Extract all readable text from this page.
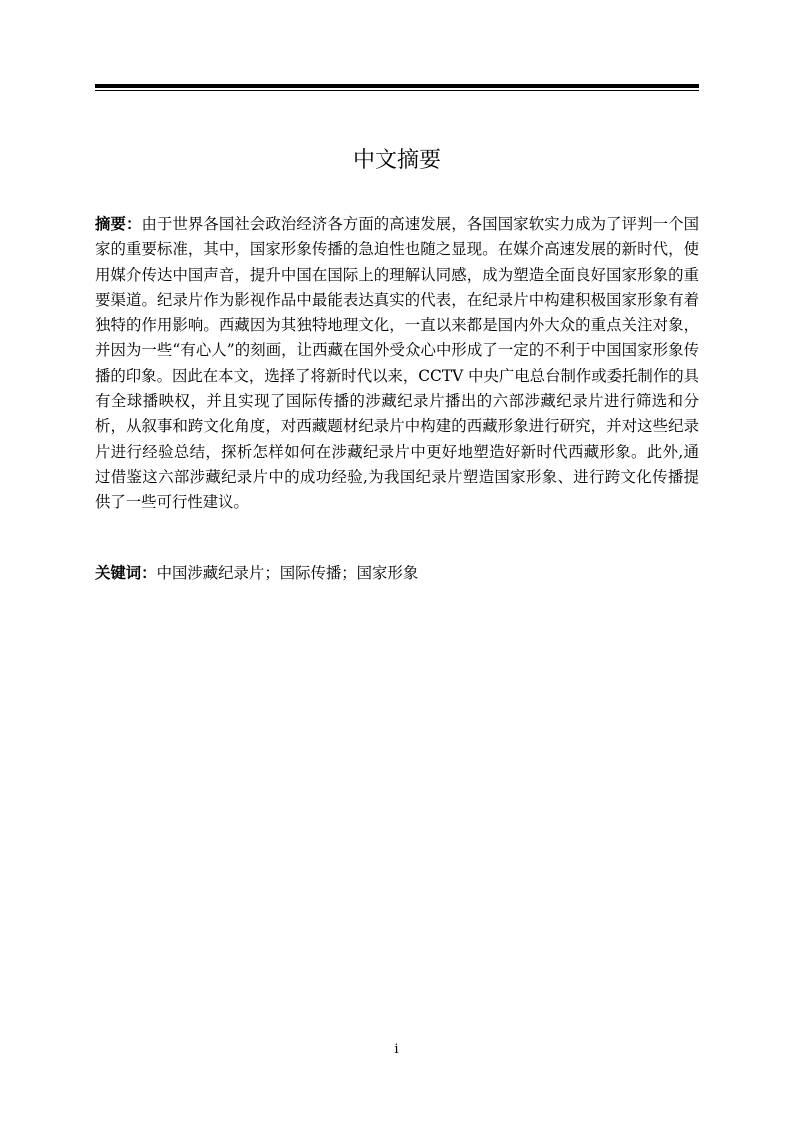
中文摘要

摘要：由于世界各国社会政治经济各方面的高速发展，各国国家软实力成为了评判一个国家的重要标准，其中，国家形象传播的急迫性也随之显现。在媒介高速发展的新时代，使用媒介传达中国声音，提升中国在国际上的理解认同感，成为塑造全面良好国家形象的重要渠道。纪录片作为影视作品中最能表达真实的代表，在纪录片中构建积极国家形象有着独特的作用影响。西藏因为其独特地理文化，一直以来都是国内外大众的重点关注对象，并因为一些“有心人”的刻画，让西藏在国外受众心中形成了一定的不利于中国国家形象传播的印象。因此在本文，选择了将新时代以来，CCTV 中央广电总台制作或委托制作的具有全球播映权，并且实现了国际传播的涉藏纪录片播出的六部涉藏纪录片进行筛选和分析，从叙事和跨文化角度，对西藏题材纪录片中构建的西藏形象进行研究，并对这些纪录片进行经验总结，探析怎样如何在涉藏纪录片中更好地塑造好新时代西藏形象。此外,通过借鉴这六部涉藏纪录片中的成功经验,为我国纪录片塑造国家形象、进行跨文化传播提供了一些可行性建议。

关键词：中国涉藏纪录片；国际传播；国家形象

i
